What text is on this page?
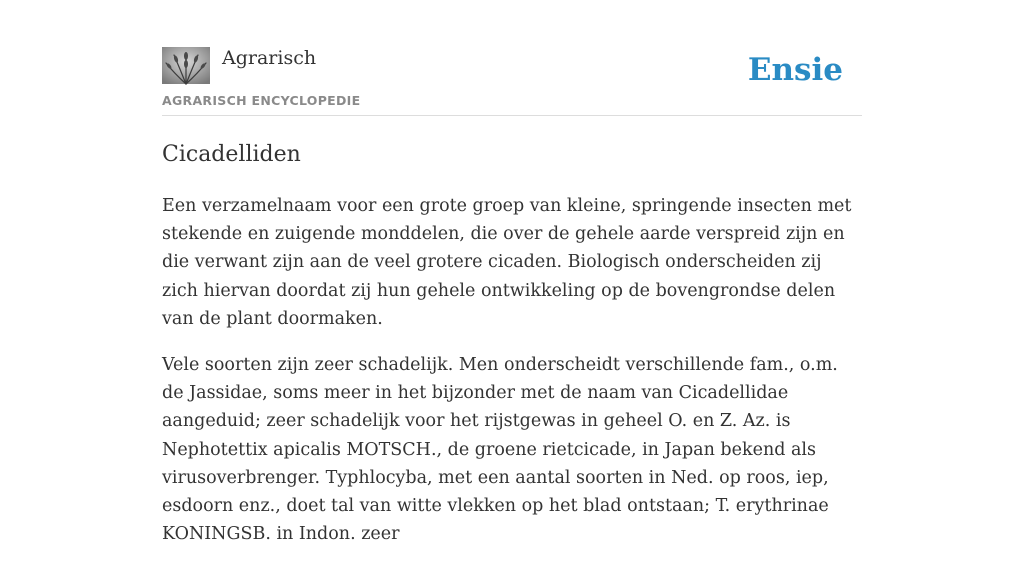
Agrarisch
AGRARISCH ENCYCLOPEDIE
Ensie
Cicadelliden

Een verzamelnaam voor een grote groep van kleine, springende insecten met stekende en zuigende monddelen, die over de gehele aarde verspreid zijn en die verwant zijn aan de veel grotere cicaden. Biologisch onderscheiden zij zich hiervan doordat zij hun gehele ontwikkeling op de bovengrondse delen van de plant doormaken.

Vele soorten zijn zeer schadelijk. Men onderscheidt verschillende fam., o.m. de Jassidae, soms meer in het bijzonder met de naam van Cicadellidae aangeduid; zeer schadelijk voor het rijstgewas in geheel O. en Z. Az. is Nephotettix apicalis MOTSCH., de groene rietcicade, in Japan bekend als virusoverbrenger. Typhlocyba, met een aantal soorten in Ned. op roos, iep, esdoorn enz., doet tal van witte vlekken op het blad ontstaan; T. erythrinae KONINGSB. in Indon. zeer
